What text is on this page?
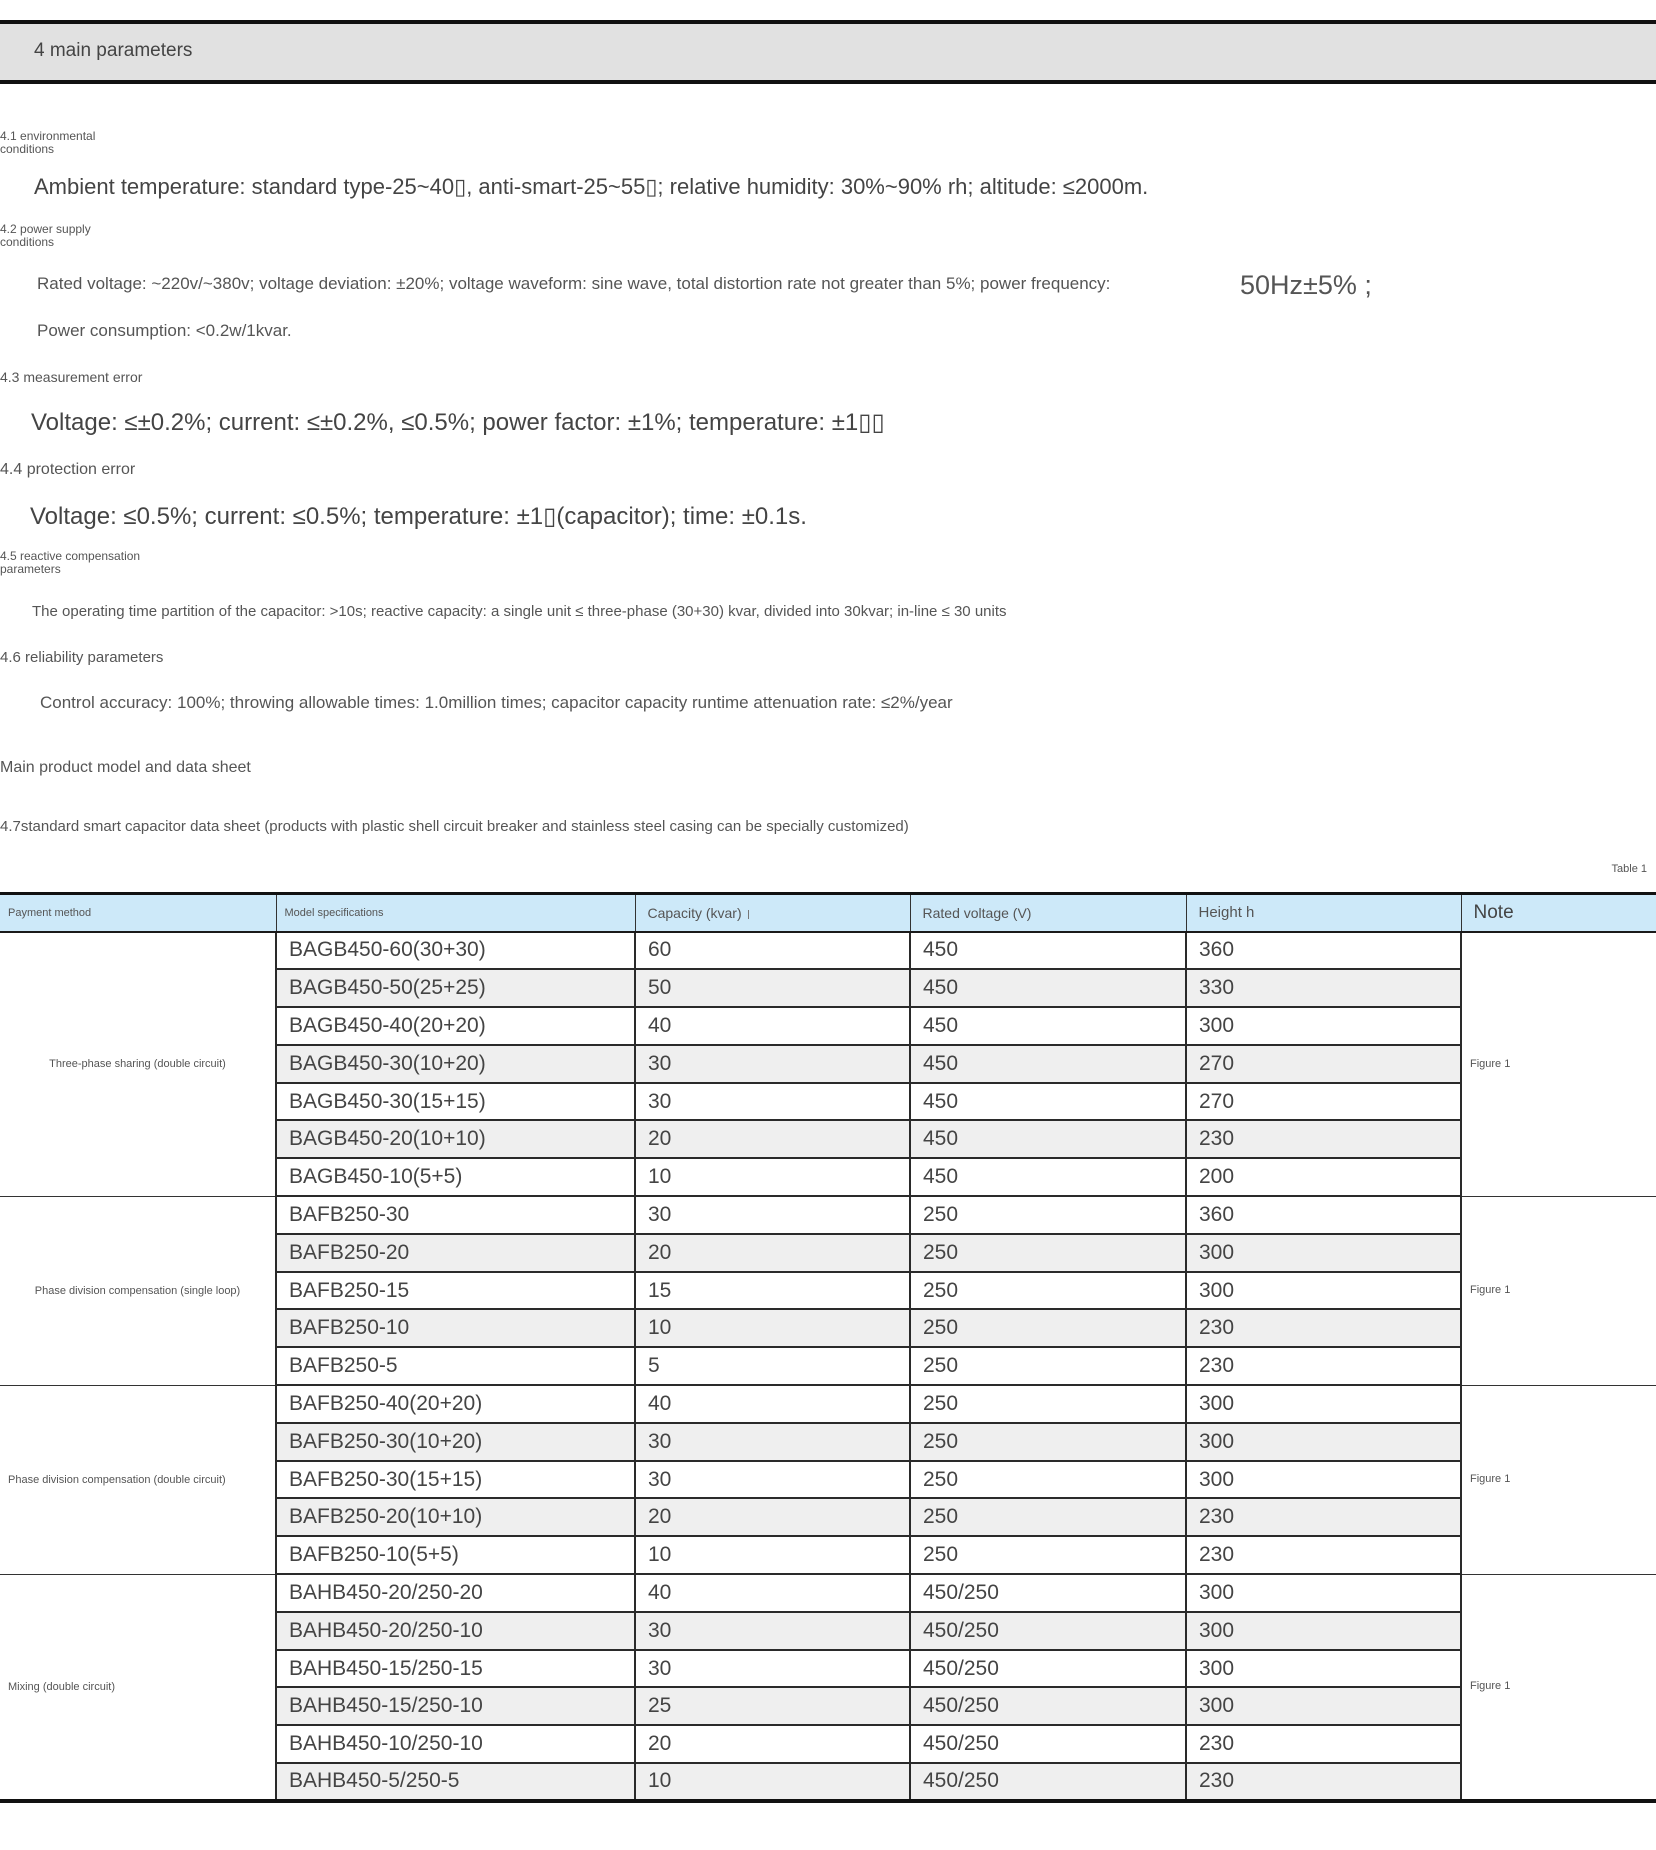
4 main parameters
4.1 environmental conditions
Ambient temperature: standard type-25~40▯, anti-smart-25~55▯; relative humidity: 30%~90% rh; altitude: ≤2000m.
4.2 power supply conditions
Rated voltage: ~220v/~380v; voltage deviation: ±20%; voltage waveform: sine wave, total distortion rate not greater than 5%; power frequency:	50Hz±5% ;
Power consumption: <0.2w/1kvar.
4.3 measurement error
Voltage: ≤±0.2%; current: ≤±0.2%, ≤0.5%; power factor: ±1%; temperature: ±1▯▯
4.4 protection error
Voltage: ≤0.5%; current: ≤0.5%; temperature: ±1▯(capacitor); time: ±0.1s.
4.5 reactive compensation parameters
The operating time partition of the capacitor: >10s; reactive capacity: a single unit ≤ three-phase (30+30) kvar, divided into 30kvar; in-line ≤ 30 units
4.6 reliability parameters
Control accuracy: 100%; throwing allowable times: 1.0million times; capacitor capacity runtime attenuation rate: ≤2%/year
Main product model and data sheet
4.7standard smart capacitor data sheet (products with plastic shell circuit breaker and stainless steel casing can be specially customized)
Table 1
Payment method	Model specifications	Capacity (kvar)	Rated voltage (V)	Height h	Note
Three-phase sharing (double circuit)	BAGB450-60(30+30)	60	450	360	Figure 1
	BAGB450-50(25+25)	50	450	330	
	BAGB450-40(20+20)	40	450	300	
	BAGB450-30(10+20)	30	450	270	
	BAGB450-30(15+15)	30	450	270	
	BAGB450-20(10+10)	20	450	230	
	BAGB450-10(5+5)	10	450	200	
Phase division compensation (single loop)	BAFB250-30	30	250	360	Figure 1
	BAFB250-20	20	250	300	
	BAFB250-15	15	250	300	
	BAFB250-10	10	250	230	
	BAFB250-5	5	250	230	
Phase division compensation (double circuit)	BAFB250-40(20+20)	40	250	300	Figure 1
	BAFB250-30(10+20)	30	250	300	
	BAFB250-30(15+15)	30	250	300	
	BAFB250-20(10+10)	20	250	230	
	BAFB250-10(5+5)	10	250	230	
Mixing (double circuit)	BAHB450-20/250-20	40	450/250	300	Figure 1
	BAHB450-20/250-10	30	450/250	300	
	BAHB450-15/250-15	30	450/250	300	
	BAHB450-15/250-10	25	450/250	300	
	BAHB450-10/250-10	20	450/250	230	
	BAHB450-5/250-5	10	450/250	230	
